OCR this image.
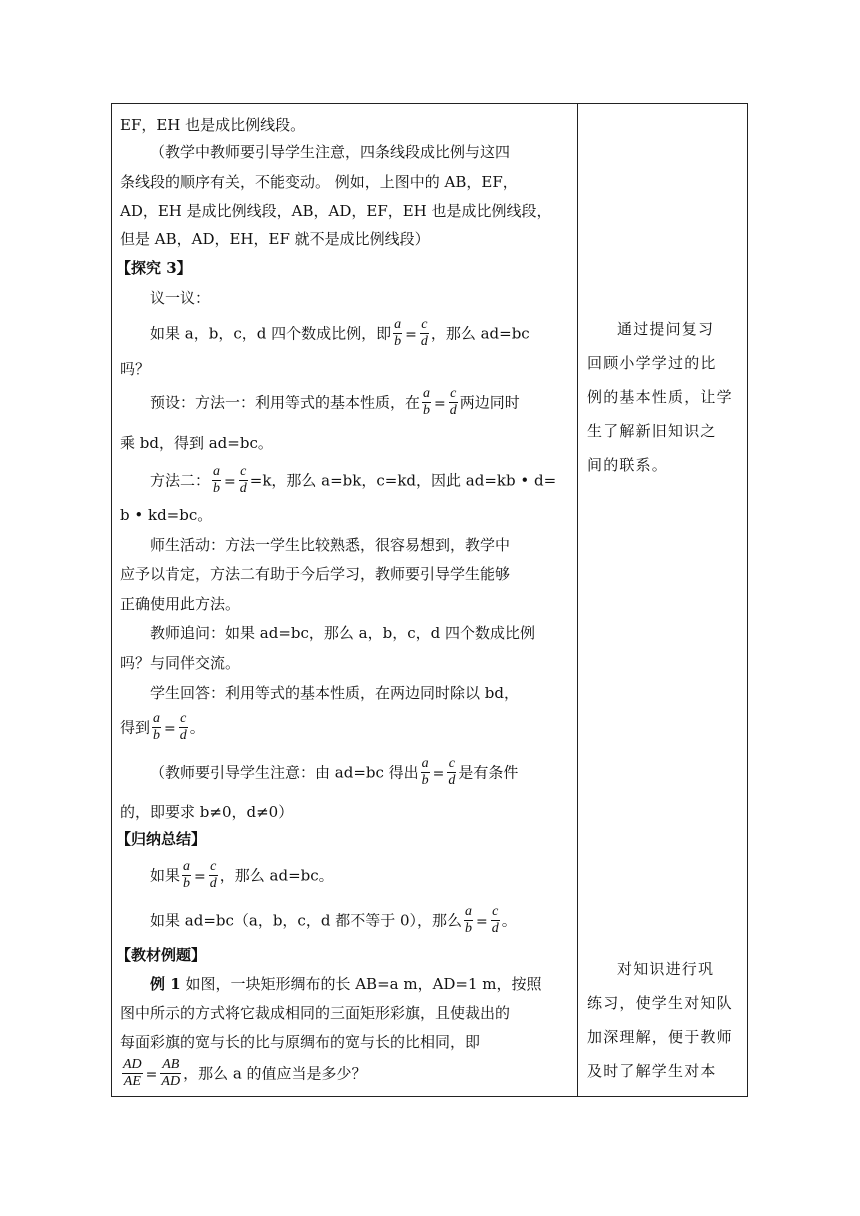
EF，EH 也是成比例线段。
（教学中教师要引导学生注意，四条线段成比例与这四
条线段的顺序有关，不能变动。 例如，上图中的 AB，EF，
AD，EH 是成比例线段，AB，AD，EF，EH 也是成比例线段，
但是 AB，AD，EH，EF 就不是成比例线段）
【探究 3】
议一议：
如果 a，b，c，d 四个数成比例，即 $\frac{a}{b} = \frac{c}{d}$ ，那么 ad=bc
吗？
预设：方法一：利用等式的基本性质，在 $\frac{a}{b} = \frac{c}{d}$ 两边同时
乘 bd，得到 ad=bc。
方法二： $\frac{a}{b} = \frac{c}{d} =k$，那么 a=bk，c=kd，因此 ad=kb • d=
b • kd=bc。
师生活动：方法一学生比较熟悉，很容易想到，教学中
应予以肯定，方法二有助于今后学习，教师要引导学生能够
正确使用此方法。
教师追问：如果 ad=bc，那么 a，b，c，d 四个数成比例
吗？与同伴交流。
学生回答：利用等式的基本性质，在两边同时除以 bd，
得到 $\frac{a}{b} = \frac{c}{d}$ 。
（教师要引导学生注意：由 ad=bc 得出 $\frac{a}{b} = \frac{c}{d}$ 是有条件
的，即要求 b≠0，d≠0）
【归纳总结】
如果 $\frac{a}{b} = \frac{c}{d}$ ，那么 ad=bc。
如果 ad=bc（a，b，c，d 都不等于 0），那么 $\frac{a}{b} = \frac{c}{d}$ 。
【教材例题】
例 1 如图，一块矩形绸布的长 AB=a m，AD=1 m，按照
图中所示的方式将它裁成相同的三面矩形彩旗，且使裁出的
每面彩旗的宽与长的比与原绸布的宽与长的比相同，即
$\frac{AD}{AE} = \frac{AB}{AD}$ ，那么 a 的值应当是多少？
通过提问复习
回顾小学学过的比
例的基本性质，让学
生了解新旧知识之
间的联系。
对知识进行巩
练习，使学生对知队
加深理解，便于教师
及时了解学生对本
